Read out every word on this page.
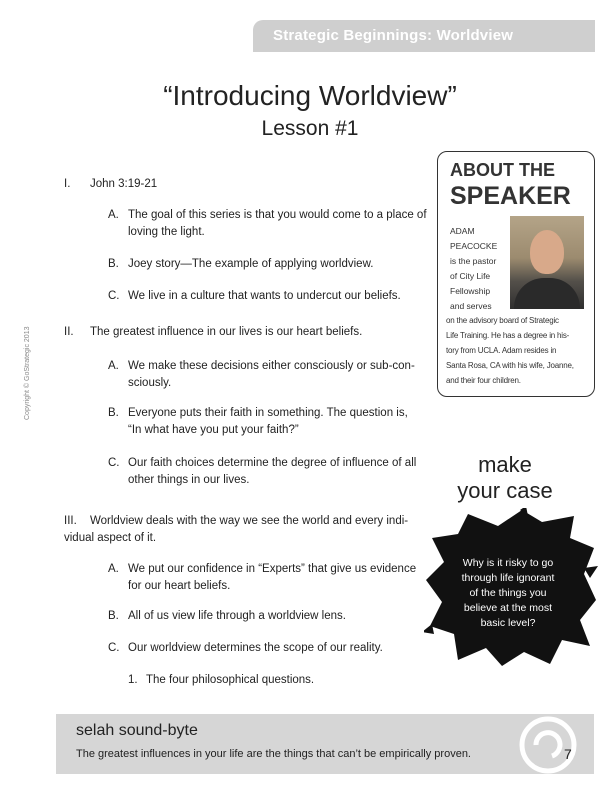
Strategic Beginnings: Worldview
“Introducing Worldview”
Lesson #1
Copyright © GoStrategic 2013
I. John 3:19-21
A. The goal of this series is that you would come to a place of
loving the light.
B. Joey story—The example of applying worldview.
C. We live in a culture that wants to undercut our beliefs.
II. The greatest influence in our lives is our heart beliefs.
A. We make these decisions either consciously or sub-con-
sciously.
B. Everyone puts their faith in something. The question is,
“In what have you put your faith?”
C. Our faith choices determine the degree of influence of all
other things in our lives.
III. Worldview deals with the way we see the world and every indi-
vidual aspect of it.
A. We put our confidence in “Experts” that give us evidence
for our heart beliefs.
B. All of us view life through a worldview lens.
C. Our worldview determines the scope of our reality.
1. The four philosophical questions.
ABOUT THE
SPEAKER
ADAM
PEACOCKE
is the pastor
of City Life
Fellowship
and serves
on the advisory board of Strategic
Life Training. He has a degree in his-
tory from UCLA. Adam resides in
Santa Rosa, CA with his wife, Joanne,
and their four children.
make
your case
Why is it risky to go
through life ignorant
of the things you
believe at the most
basic level?
selah sound-byte
The greatest influences in your life are the things that can’t be empirically proven.	7
